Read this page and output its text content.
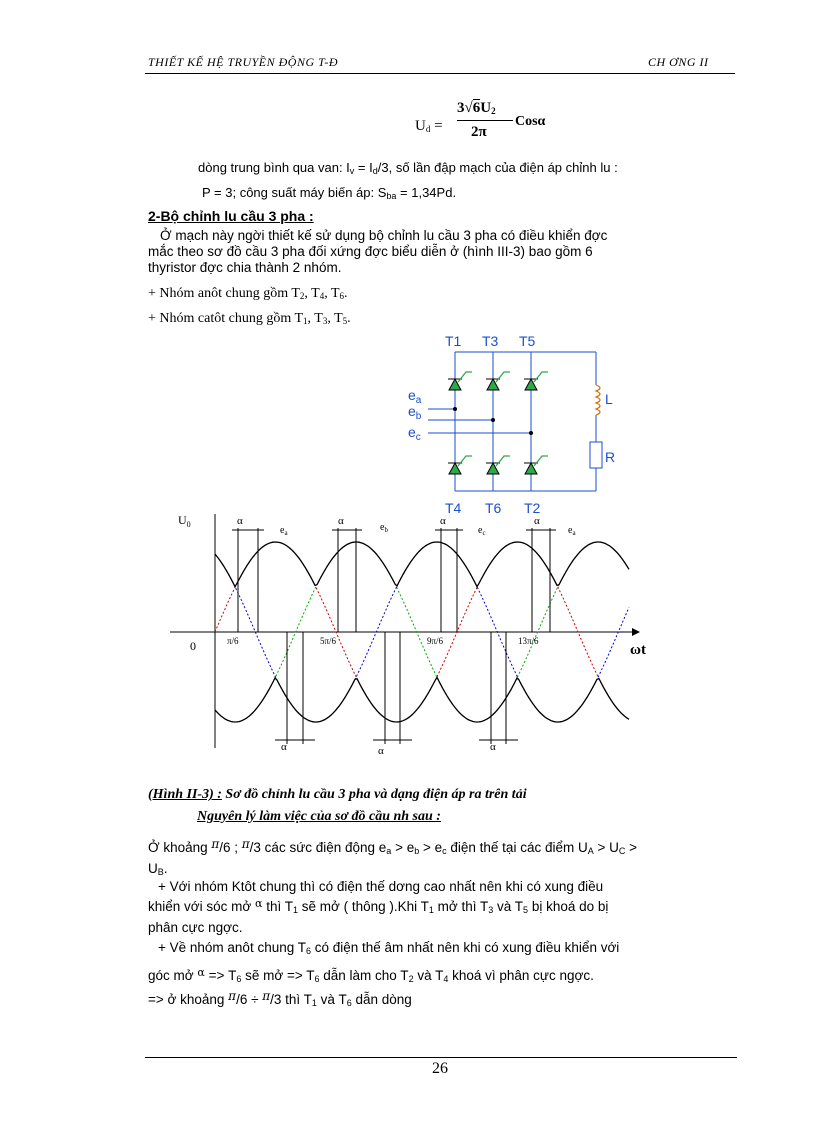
THIẾT KẾ HỆ TRUYỀN ĐỘNG T-Đ	CH ƠNG II
$U_d$ =
$3√6U_2$
2π
Cosα
dòng trung bình qua van: $I_v = I_d/3$, số lần đập mạch của điện áp chỉnh lu :
P = 3; công suất máy biến áp: $S_{ba} = 1,34Pd$.
2-Bộ chỉnh lu cầu 3 pha :
Ở mạch này ngời thiết kế sử dụng bộ chỉnh lu cầu 3 pha có điều khiển đợc
mắc theo sơ đồ cầu 3 pha đối xứng đợc biểu diễn ở (hình III-3) bao gồm 6
thyristor đợc chia thành 2 nhóm.
+ Nhóm anôt chung gồm $T_2$, $T_4$, $T_6$.
+ Nhóm catôt chung gồm $T_1$, $T_3$, $T_5$.
T1 T3 T5
T4 T6 T2
L
R
$e_a$
$e_b$
$e_c$
$U_0$
0	ωt
π/6	5π/6	9π/6	13π/6
α	α	α	α
α	α	α
$e_a$	$e_b$	$e_c$	$e_a$
(Hình II-3) : Sơ đồ chỉnh lu cầu 3 pha và dạng điện áp ra trên tải
Nguyên lý làm việc của sơ đồ cầu nh sau :
Ở khoảng π/6 ; π/3 các sức điện động $e_a > e_b > e_c$ điện thế tại các điểm $U_A > U_C$ >
$U_B$.
+ Với nhóm Ktôt chung thì có điện thế dơng cao nhất nên khi có xung điều
khiển với sóc mở $^\alpha$ thì $T_1$ sẽ mở ( thông ).Khi $T_1$ mở thì $T_3$ và $T_5$ bị khoá do bị
phân cực ngợc.
+ Về nhóm anôt chung $T_6$ có điện thế âm nhất nên khi có xung điều khiển với
góc mở $^\alpha => T_6$ sẽ mở => $T_6$ dẫn làm cho $T_2$ và $T_4$ khoá vì phân cực ngợc.
=> ở khoảng π/6 ÷ π/3 thì $T_1$ và $T_6$ dẫn dòng
26
